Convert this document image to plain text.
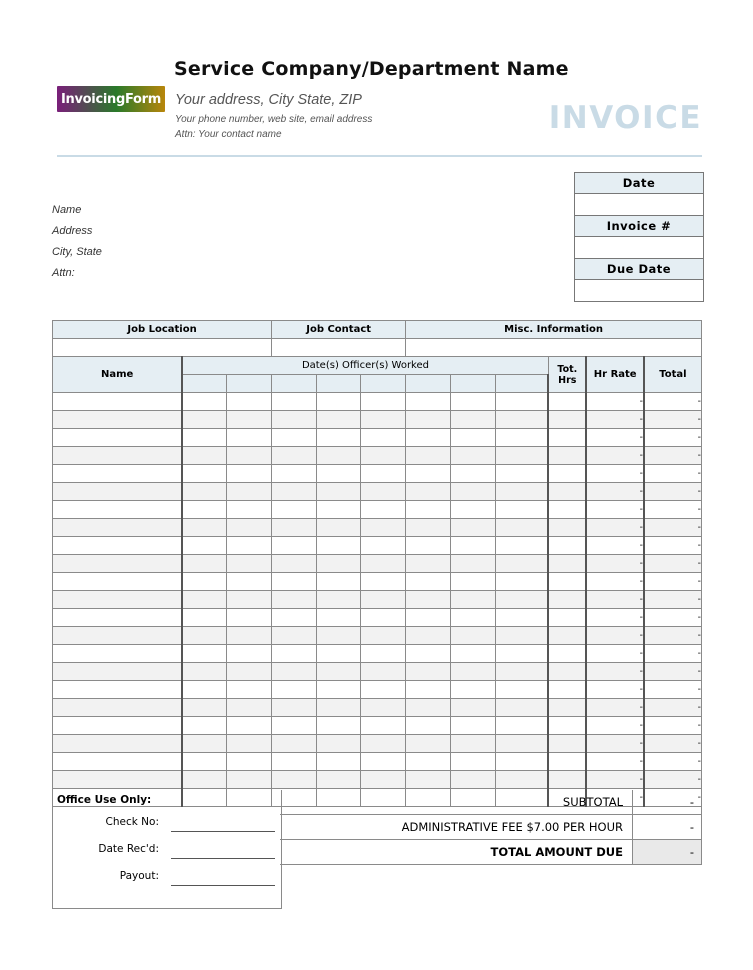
InvoicingForm
Service Company/Department Name
Your address, City State, ZIP
Your phone number, web site, email address
Attn: Your contact name	INVOICE
Name
Address
City, State
Attn:
Date
Invoice #
Due Date
Job Location			Job Contact			Misc. Information					

Name	Date(s) Officer(s) Worked								Tot. Hrs	Hr Rate	Total

										-	-
										-	-
										-	-
										-	-
										-	-
										-	-
										-	-
										-	-
										-	-
										-	-
										-	-
										-	-
										-	-
										-	-
										-	-
										-	-
										-	-
										-	-
										-	-
										-	-
										-	-
										-	-
										-	-
Office Use Only:
Check No:
Date Rec'd:
Payout:
SUBTOTAL	-
ADMINISTRATIVE FEE $7.00 PER HOUR	-
TOTAL AMOUNT DUE	-
